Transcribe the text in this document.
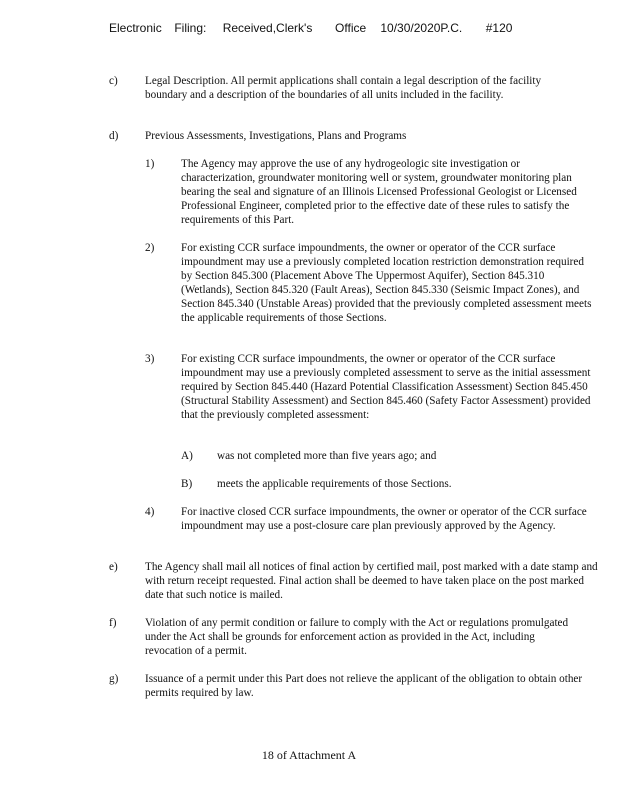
Electronic Filing: Received,Clerk's Office 10/30/2020P.C. #120
c) Legal Description. All permit applications shall contain a legal description of the facility boundary and a description of the boundaries of all units included in the facility.
d) Previous Assessments, Investigations, Plans and Programs
1) The Agency may approve the use of any hydrogeologic site investigation or characterization, groundwater monitoring well or system, groundwater monitoring plan bearing the seal and signature of an Illinois Licensed Professional Geologist or Licensed Professional Engineer, completed prior to the effective date of these rules to satisfy the requirements of this Part.
2) For existing CCR surface impoundments, the owner or operator of the CCR surface impoundment may use a previously completed location restriction demonstration required by Section 845.300 (Placement Above The Uppermost Aquifer), Section 845.310 (Wetlands), Section 845.320 (Fault Areas), Section 845.330 (Seismic Impact Zones), and Section 845.340 (Unstable Areas) provided that the previously completed assessment meets the applicable requirements of those Sections.
3) For existing CCR surface impoundments, the owner or operator of the CCR surface impoundment may use a previously completed assessment to serve as the initial assessment required by Section 845.440 (Hazard Potential Classification Assessment) Section 845.450 (Structural Stability Assessment) and Section 845.460 (Safety Factor Assessment) provided that the previously completed assessment:
A) was not completed more than five years ago; and
B) meets the applicable requirements of those Sections.
4) For inactive closed CCR surface impoundments, the owner or operator of the CCR surface impoundment may use a post-closure care plan previously approved by the Agency.
e) The Agency shall mail all notices of final action by certified mail, post marked with a date stamp and with return receipt requested. Final action shall be deemed to have taken place on the post marked date that such notice is mailed.
f)	Violation of any permit condition or failure to comply with the Act or regulations promulgated under the Act shall be grounds for enforcement action as provided in the Act, including revocation of a permit.
g) Issuance of a permit under this Part does not relieve the applicant of the obligation to obtain other permits required by law.
18 of Attachment A
